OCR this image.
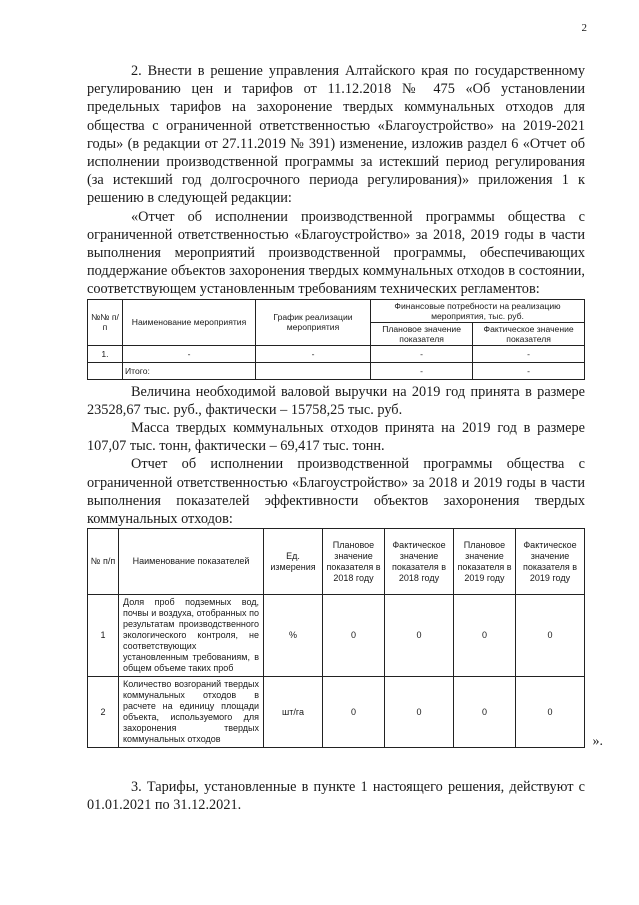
2

2. Внести в решение управления Алтайского края по государственному регулированию цен и тарифов от 11.12.2018 № 475 «Об установлении предельных тарифов на захоронение твердых коммунальных отходов для общества с ограниченной ответственностью «Благоустройство» на 2019-2021 годы» (в редакции от 27.11.2019 № 391) изменение, изложив раздел 6 «Отчет об исполнении производственной программы за истекший период регулирования (за истекший год долгосрочного периода регулирования)» приложения 1 к решению в следующей редакции:

«Отчет об исполнении производственной программы общества с ограниченной ответственностью «Благоустройство» за 2018, 2019 годы в части выполнения мероприятий производственной программы, обеспечивающих поддержание объектов захоронения твердых коммунальных отходов в состоянии, соответствующем установленным требованиям технических регламентов:

№№ п/п	Наименование мероприятия	График реализации мероприятия	Финансовые потребности на реализацию мероприятия, тыс. руб.	
			Плановое значение показателя	Фактическое значение показателя
1.	-	-	-	-
	Итого:		-	-

Величина необходимой валовой выручки на 2019 год принята в размере 23528,67 тыс. руб., фактически – 15758,25 тыс. руб.

Масса твердых коммунальных отходов принята на 2019 год в размере 107,07 тыс. тонн, фактически – 69,417 тыс. тонн.

Отчет об исполнении производственной программы общества с ограниченной ответственностью «Благоустройство» за 2018 и 2019 годы в части выполнения показателей эффективности объектов захоронения твердых коммунальных отходов:

№ п/п	Наименование показателей	Ед. измерения	Плановое значение показателя в 2018 году	Фактическое значение показателя в 2018 году	Плановое значение показателя в 2019 году	Фактическое значение показателя в 2019 году
1	Доля проб подземных вод, почвы и воздуха, отобранных по результатам производственного экологического контроля, не соответствующих установленным требованиям, в общем объеме таких проб	%	0	0	0	0
2	Количество возгораний твердых коммунальных отходов в расчете на единицу площади объекта, используемого для захоронения твердых коммунальных отходов	шт/га	0	0	0	0
».

3. Тарифы, установленные в пункте 1 настоящего решения, действуют с 01.01.2021 по 31.12.2021.
